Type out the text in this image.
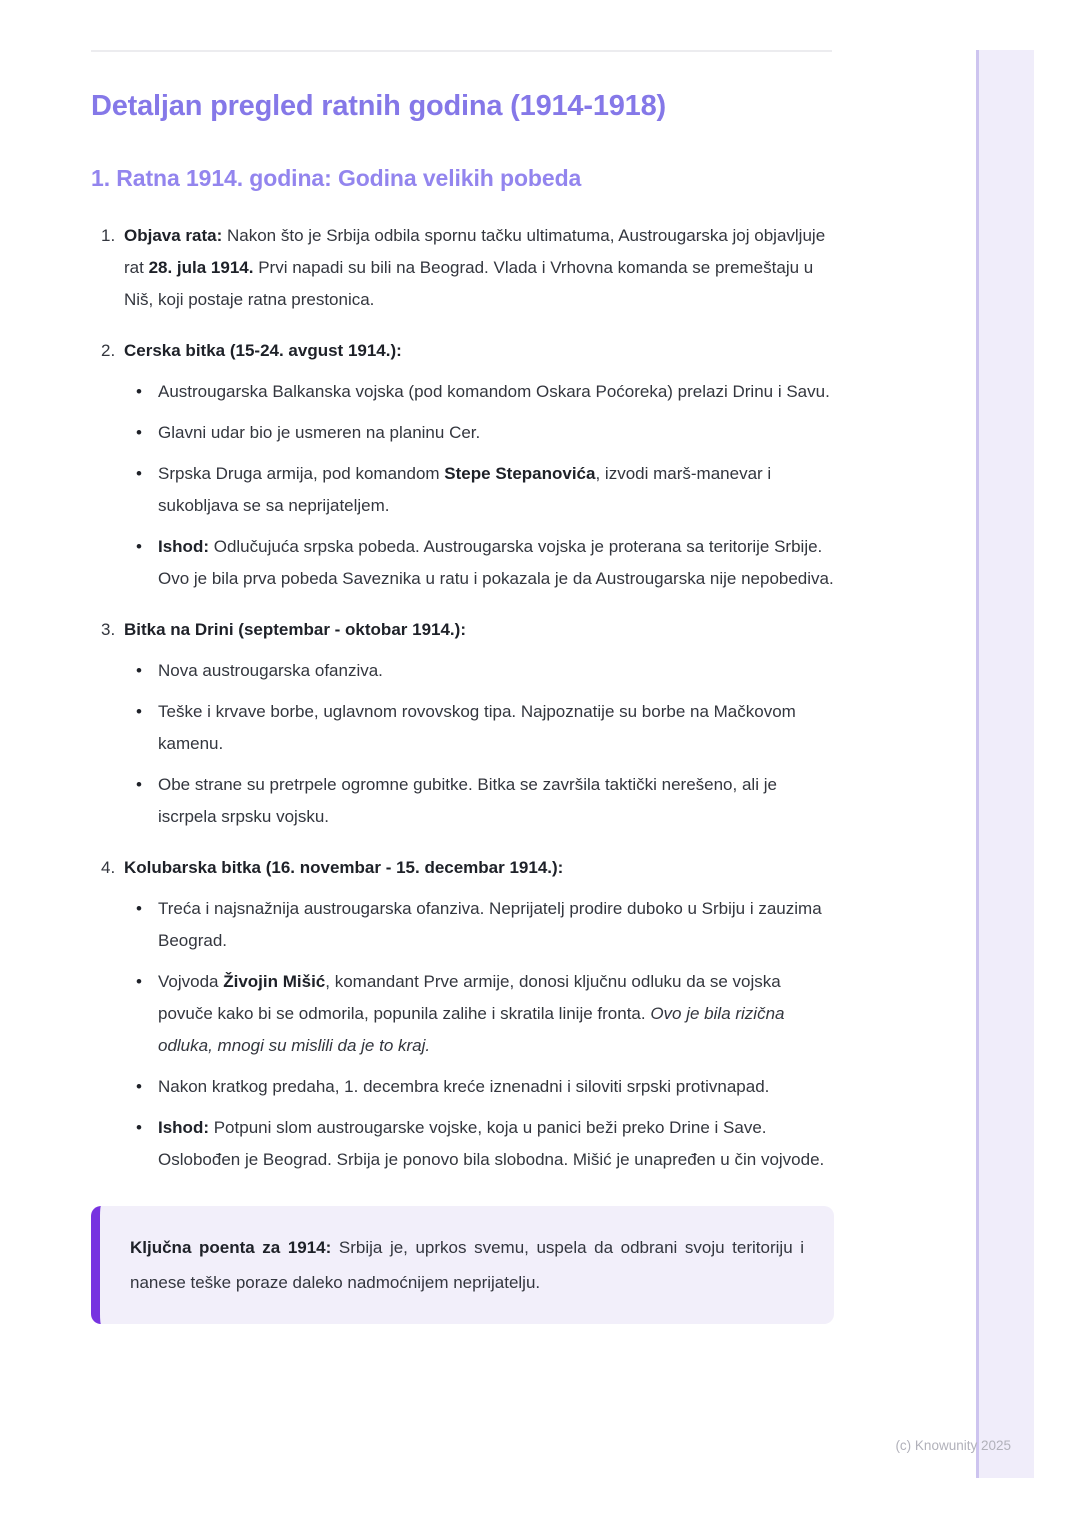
Detaljan pregled ratnih godina (1914-1918)
1. Ratna 1914. godina: Godina velikih pobeda
1. Objava rata: Nakon što je Srbija odbila spornu tačku ultimatuma, Austrougarska joj objavljuje rat 28. jula 1914. Prvi napadi su bili na Beograd. Vlada i Vrhovna komanda se premeštaju u Niš, koji postaje ratna prestonica.

2. Cerska bitka (15-24. avgust 1914.):

• Austrougarska Balkanska vojska (pod komandom Oskara Poćoreka) prelazi Drinu i Savu.

• Glavni udar bio je usmeren na planinu Cer.

• Srpska Druga armija, pod komandom Stepe Stepanovića, izvodi marš-manevar i sukobljava se sa neprijateljem.

• Ishod: Odlučujuća srpska pobeda. Austrougarska vojska je proterana sa teritorije Srbije. Ovo je bila prva pobeda Saveznika u ratu i pokazala je da Austrougarska nije nepobediva.

3. Bitka na Drini (septembar - oktobar 1914.):

• Nova austrougarska ofanziva.

• Teške i krvave borbe, uglavnom rovovskog tipa. Najpoznatije su borbe na Mačkovom kamenu.

• Obe strane su pretrpele ogromne gubitke. Bitka se završila taktički nerešeno, ali je iscrpela srpsku vojsku.

4. Kolubarska bitka (16. novembar - 15. decembar 1914.):

• Treća i najsnažnija austrougarska ofanziva. Neprijatelj prodire duboko u Srbiju i zauzima Beograd.

• Vojvoda Živojin Mišić, komandant Prve armije, donosi ključnu odluku da se vojska povuče kako bi se odmorila, popunila zalihe i skratila linije fronta. Ovo je bila rizična odluka, mnogi su mislili da je to kraj.

• Nakon kratkog predaha, 1. decembra kreće iznenadni i siloviti srpski protivnapad.

• Ishod: Potpuni slom austrougarske vojske, koja u panici beži preko Drine i Save. Oslobođen je Beograd. Srbija je ponovo bila slobodna. Mišić je unapređen u čin vojvode.

Ključna poenta za 1914: Srbija je, uprkos svemu, uspela da odbrani svoju teritoriju i nanese teške poraze daleko nadmoćnijem neprijatelju.

(c) Knowunity 2025
